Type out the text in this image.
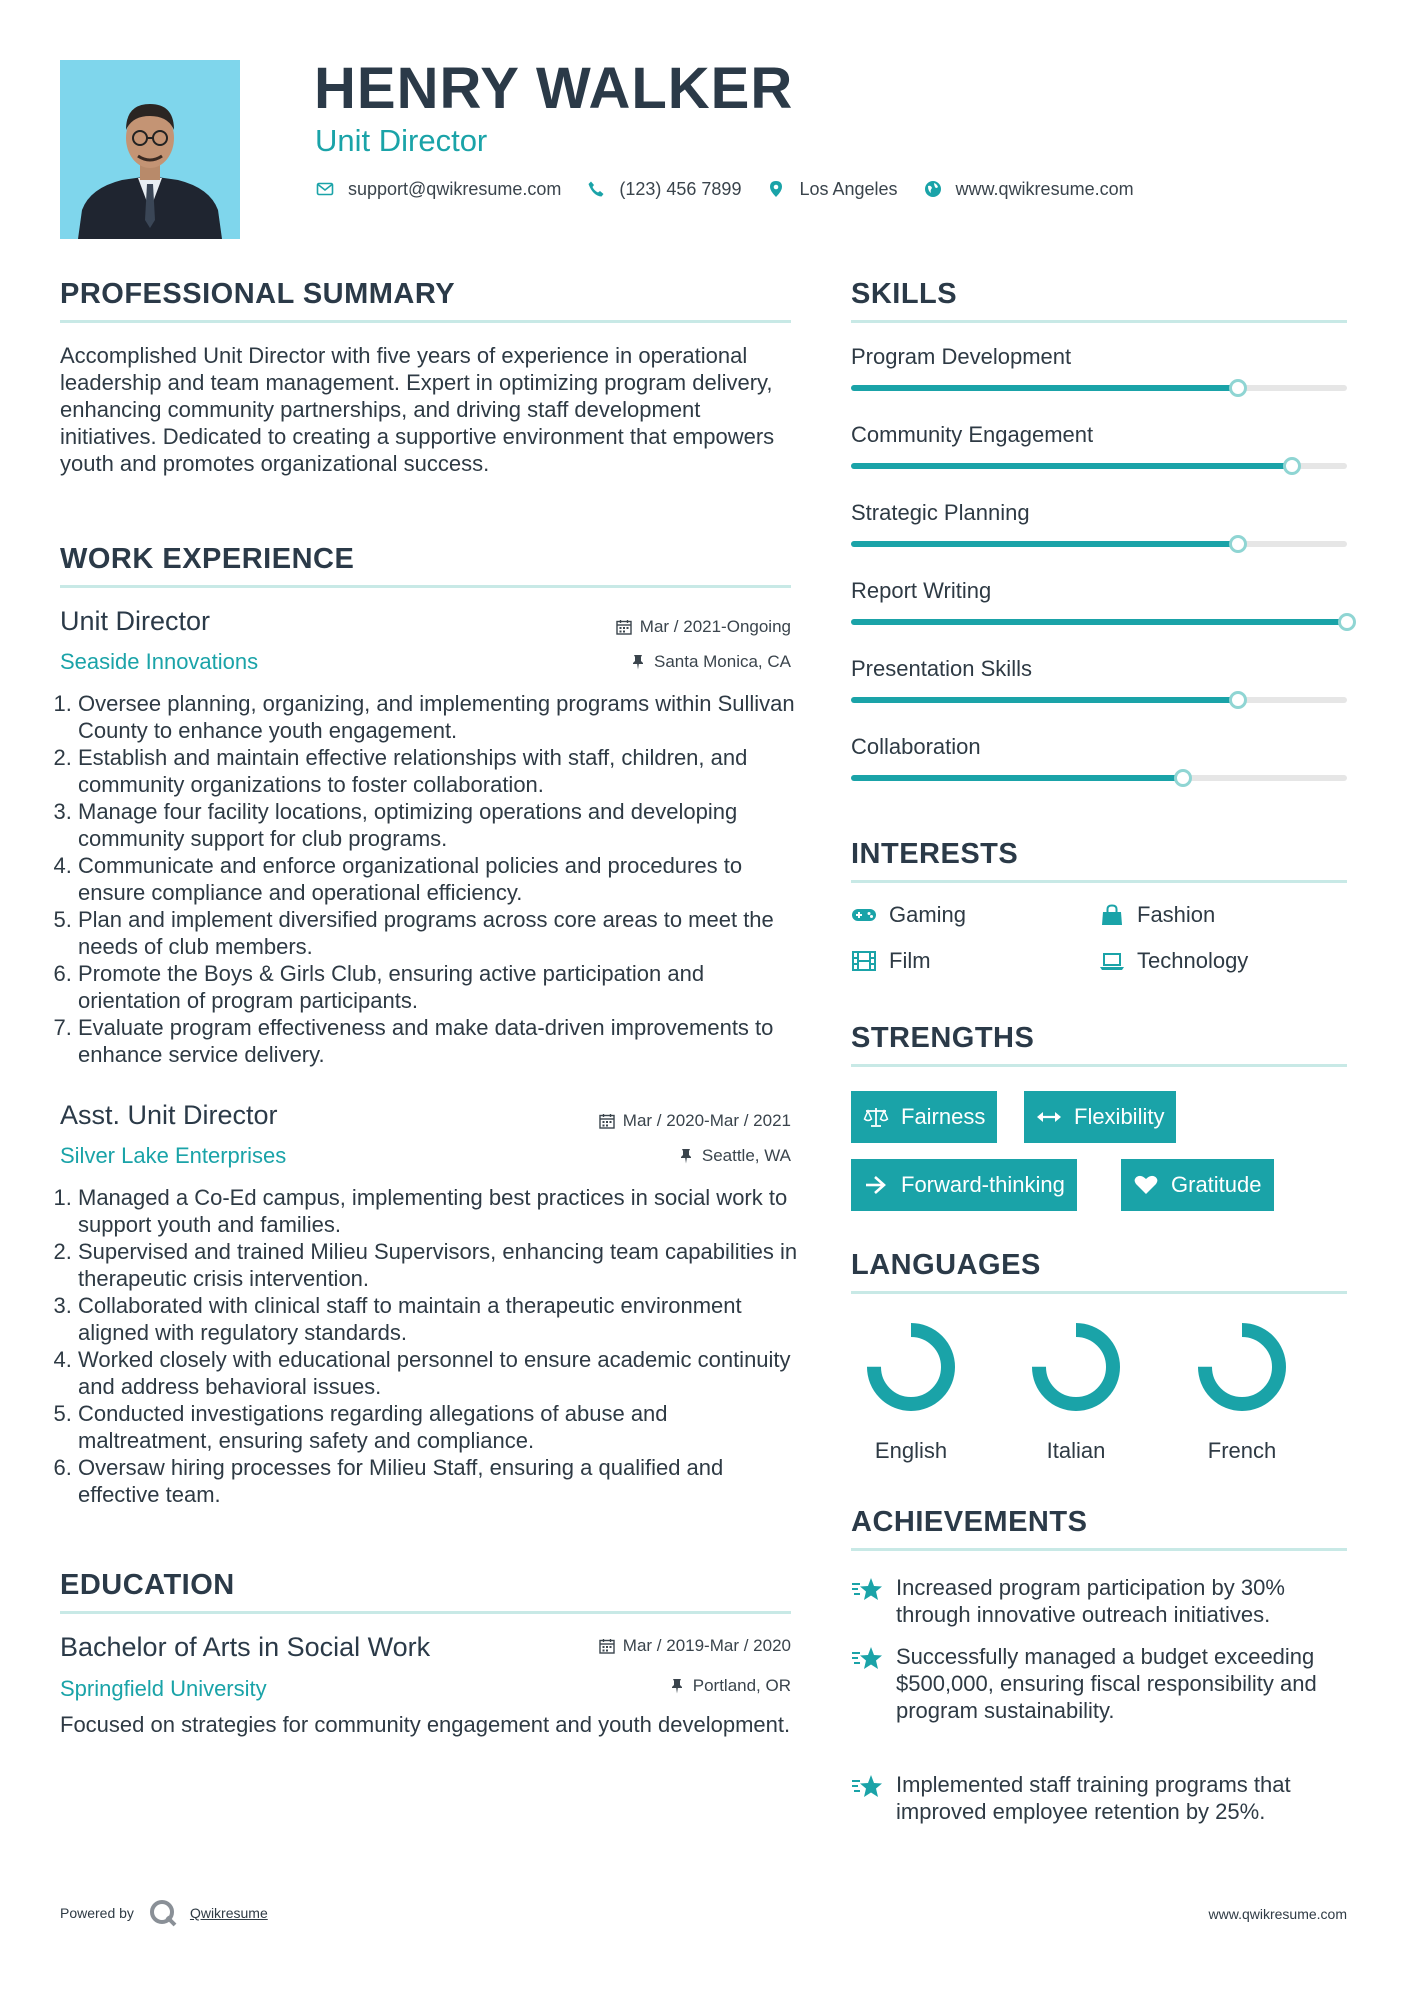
HENRY WALKER
Unit Director
support@qwikresume.com	(123) 456 7899	Los Angeles	www.qwikresume.com
PROFESSIONAL SUMMARY
Accomplished Unit Director with five years of experience in operational leadership and team management. Expert in optimizing program delivery, enhancing community partnerships, and driving staff development initiatives. Dedicated to creating a supportive environment that empowers youth and promotes organizational success.
WORK EXPERIENCE
Unit Director	Mar / 2021-Ongoing
Seaside Innovations	Santa Monica, CA
1. Oversee planning, organizing, and implementing programs within Sullivan County to enhance youth engagement.
2. Establish and maintain effective relationships with staff, children, and community organizations to foster collaboration.
3. Manage four facility locations, optimizing operations and developing community support for club programs.
4. Communicate and enforce organizational policies and procedures to ensure compliance and operational efficiency.
5. Plan and implement diversified programs across core areas to meet the needs of club members.
6. Promote the Boys & Girls Club, ensuring active participation and orientation of program participants.
7. Evaluate program effectiveness and make data-driven improvements to enhance service delivery.
Asst. Unit Director	Mar / 2020-Mar / 2021
Silver Lake Enterprises	Seattle, WA
1. Managed a Co-Ed campus, implementing best practices in social work to support youth and families.
2. Supervised and trained Milieu Supervisors, enhancing team capabilities in therapeutic crisis intervention.
3. Collaborated with clinical staff to maintain a therapeutic environment aligned with regulatory standards.
4. Worked closely with educational personnel to ensure academic continuity and address behavioral issues.
5. Conducted investigations regarding allegations of abuse and maltreatment, ensuring safety and compliance.
6. Oversaw hiring processes for Milieu Staff, ensuring a qualified and effective team.
EDUCATION
Bachelor of Arts in Social Work	Mar / 2019-Mar / 2020
Springfield University	Portland, OR
Focused on strategies for community engagement and youth development.
SKILLS
Program Development
Community Engagement
Strategic Planning
Report Writing
Presentation Skills
Collaboration
INTERESTS
Gaming	Fashion
Film	Technology
STRENGTHS
Fairness	Flexibility
Forward-thinking	Gratitude
LANGUAGES
English	Italian	French
ACHIEVEMENTS
Increased program participation by 30% through innovative outreach initiatives.
Successfully managed a budget exceeding $500,000, ensuring fiscal responsibility and program sustainability.
Implemented staff training programs that improved employee retention by 25%.
Powered by	Qwikresume	www.qwikresume.com
